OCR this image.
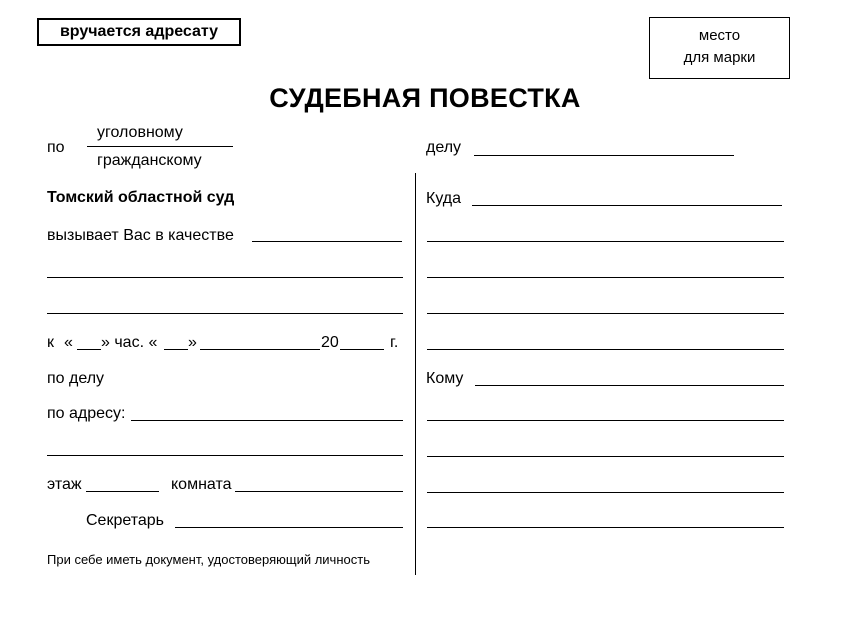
вручается адресату	место
для марки
СУДЕБНАЯ ПОВЕСТКА
по
уголовному
гражданскому
делу
Томский областной суд
вызывает Вас в качестве
к « » час. « »	20	г.
по делу
по адресу:
этаж	комната
Секретарь
При себе иметь документ, удостоверяющий личность
Куда
Кому
